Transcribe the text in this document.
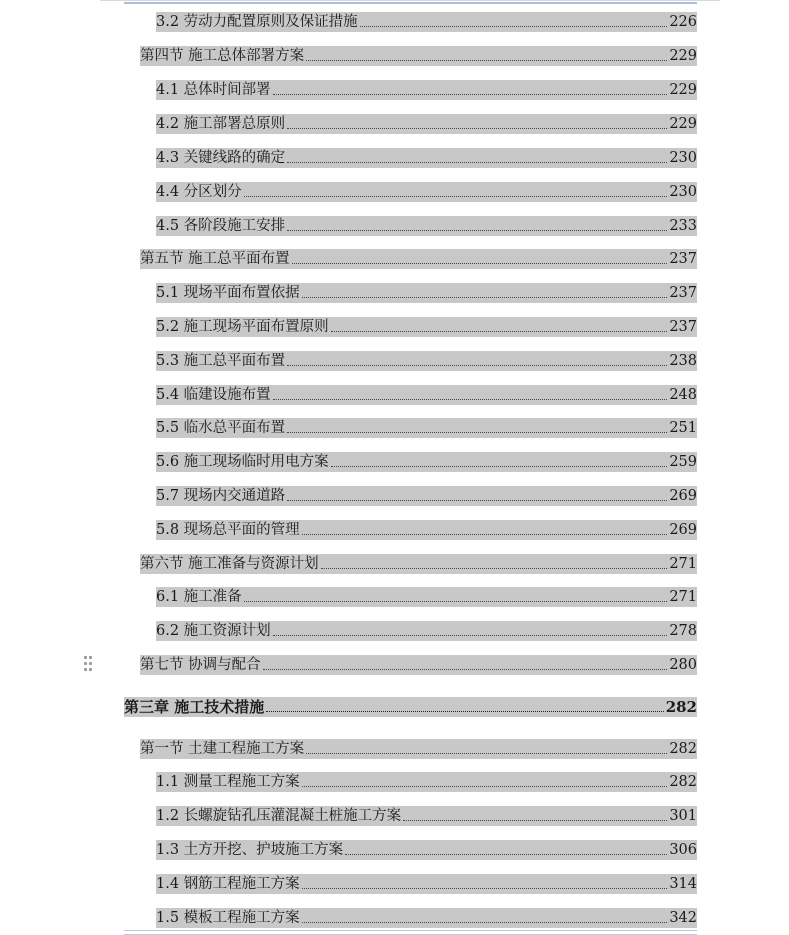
3.2 劳动力配置原则及保证措施	226
第四节 施工总体部署方案	229
4.1 总体时间部署	229
4.2 施工部署总原则	229
4.3 关键线路的确定	230
4.4 分区划分	230
4.5 各阶段施工安排	233
第五节 施工总平面布置	237
5.1 现场平面布置依据	237
5.2 施工现场平面布置原则	237
5.3 施工总平面布置	238
5.4 临建设施布置	248
5.5 临水总平面布置	251
5.6 施工现场临时用电方案	259
5.7 现场内交通道路	269
5.8 现场总平面的管理	269
第六节 施工准备与资源计划	271
6.1 施工准备	271
6.2 施工资源计划	278
第七节 协调与配合	280
第三章 施工技术措施	282
第一节 土建工程施工方案	282
1.1 测量工程施工方案	282
1.2 长螺旋钻孔压灌混凝土桩施工方案	301
1.3 土方开挖、护坡施工方案	306
1.4 钢筋工程施工方案	314
1.5 模板工程施工方案	342
